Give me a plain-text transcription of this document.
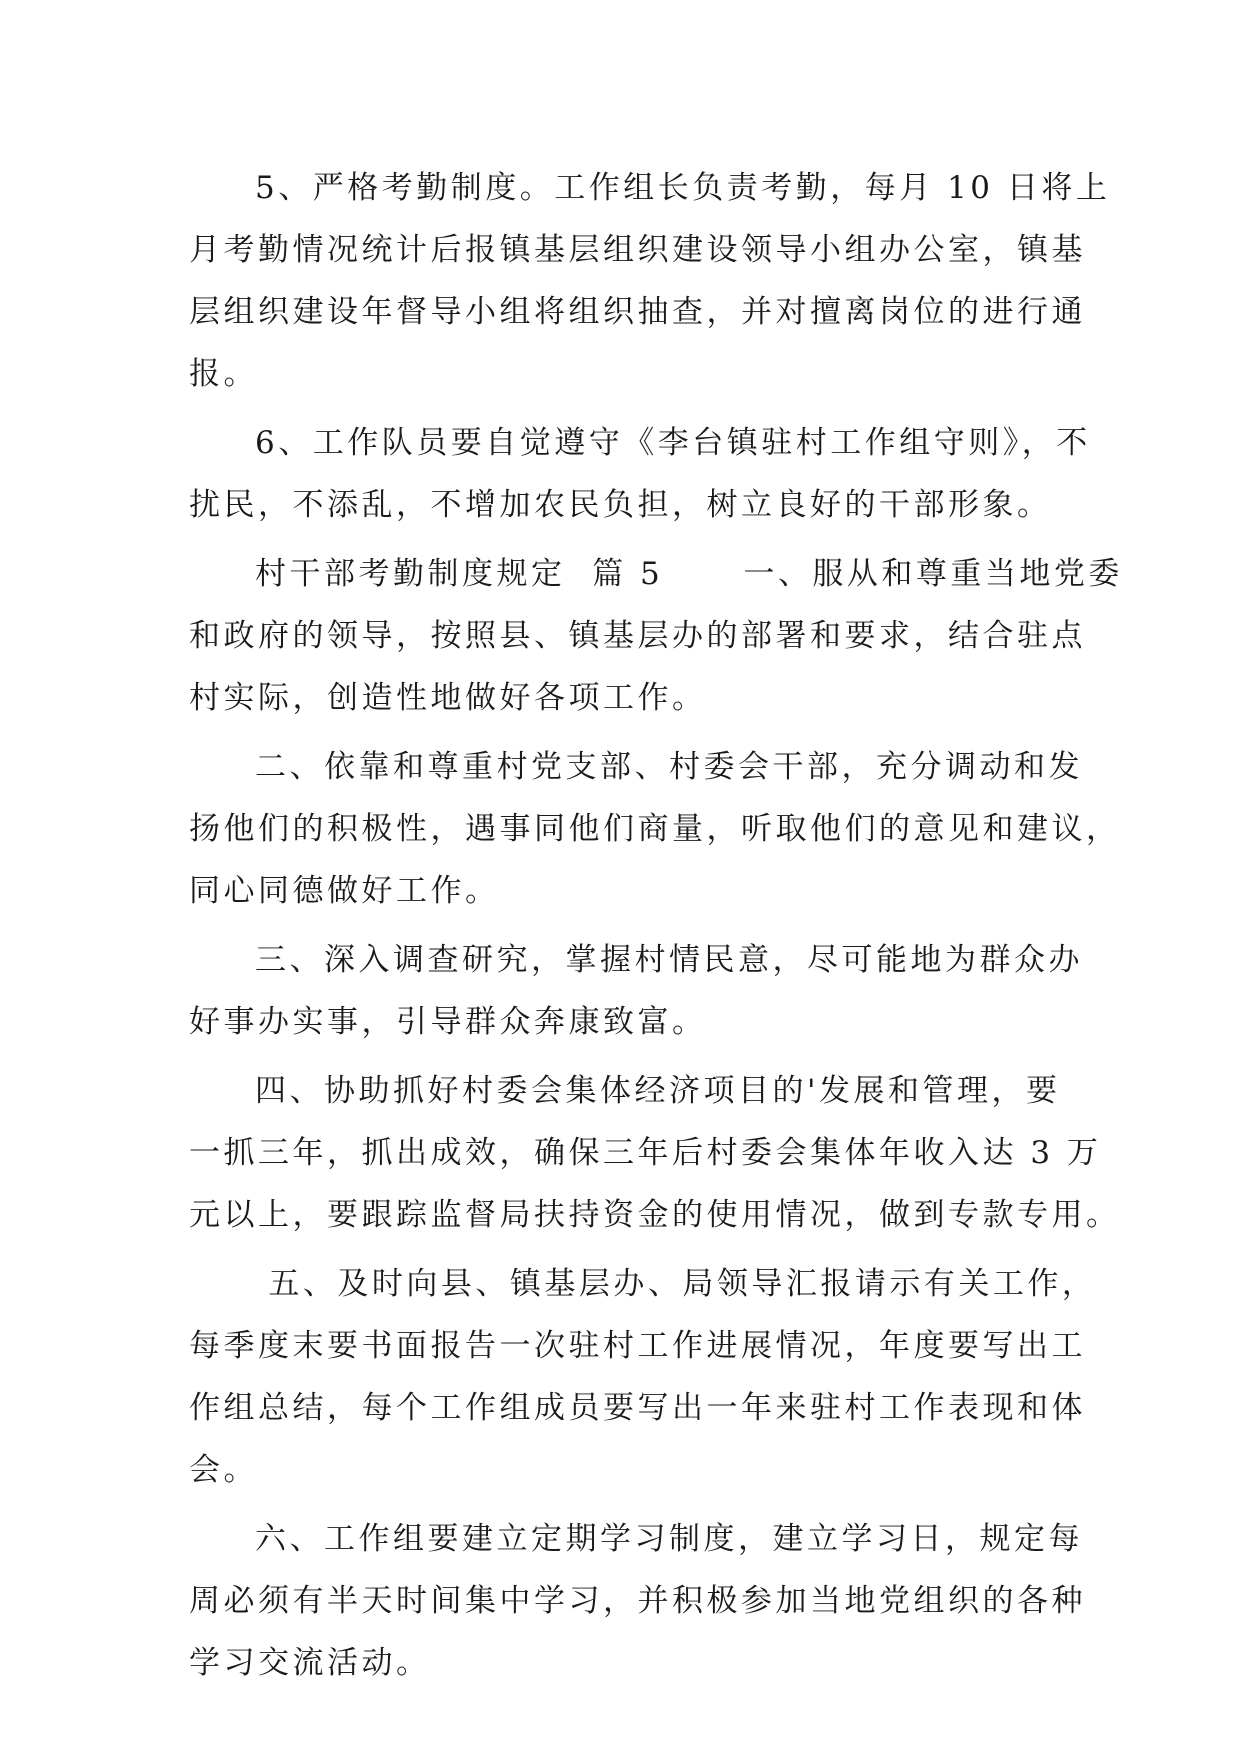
5、严格考勤制度。工作组长负责考勤，每月 10 日将上
月考勤情况统计后报镇基层组织建设领导小组办公室，镇基
层组织建设年督导小组将组织抽查，并对擅离岗位的进行通
报。

6、工作队员要自觉遵守《李台镇驻村工作组守则》，不
扰民，不添乱，不增加农民负担，树立良好的干部形象。

村干部考勤制度规定  篇 5      一、服从和尊重当地党委
和政府的领导，按照县、镇基层办的部署和要求，结合驻点
村实际，创造性地做好各项工作。

二、依靠和尊重村党支部、村委会干部，充分调动和发
扬他们的积极性，遇事同他们商量，听取他们的意见和建议，
同心同德做好工作。

三、深入调查研究，掌握村情民意，尽可能地为群众办
好事办实事，引导群众奔康致富。

四、协助抓好村委会集体经济项目的'发展和管理，要
一抓三年，抓出成效，确保三年后村委会集体年收入达 3 万
元以上，要跟踪监督局扶持资金的使用情况，做到专款专用。

五、及时向县、镇基层办、局领导汇报请示有关工作，
每季度末要书面报告一次驻村工作进展情况，年度要写出工
作组总结，每个工作组成员要写出一年来驻村工作表现和体
会。

六、工作组要建立定期学习制度，建立学习日，规定每
周必须有半天时间集中学习，并积极参加当地党组织的各种
学习交流活动。
